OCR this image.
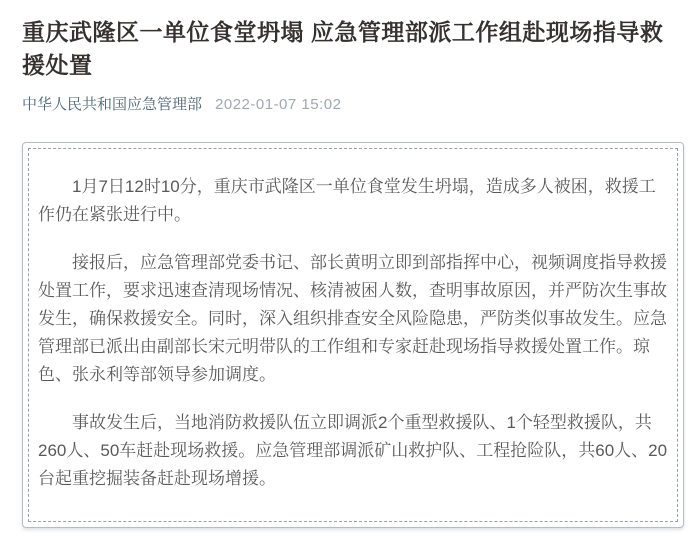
重庆武隆区一单位食堂坍塌 应急管理部派工作组赴现场指导救援处置
中华人民共和国应急管理部 2022-01-07 15:02

1月7日12时10分，重庆市武隆区一单位食堂发生坍塌，造成多人被困，救援工作仍在紧张进行中。

接报后，应急管理部党委书记、部长黄明立即到部指挥中心，视频调度指导救援处置工作，要求迅速查清现场情况、核清被困人数，查明事故原因，并严防次生事故发生，确保救援安全。同时，深入组织排查安全风险隐患，严防类似事故发生。应急管理部已派出由副部长宋元明带队的工作组和专家赶赴现场指导救援处置工作。琼色、张永利等部领导参加调度。

事故发生后，当地消防救援队伍立即调派2个重型救援队、1个轻型救援队，共260人、50车赶赴现场救援。应急管理部调派矿山救护队、工程抢险队，共60人、20台起重挖掘装备赶赴现场增援。
